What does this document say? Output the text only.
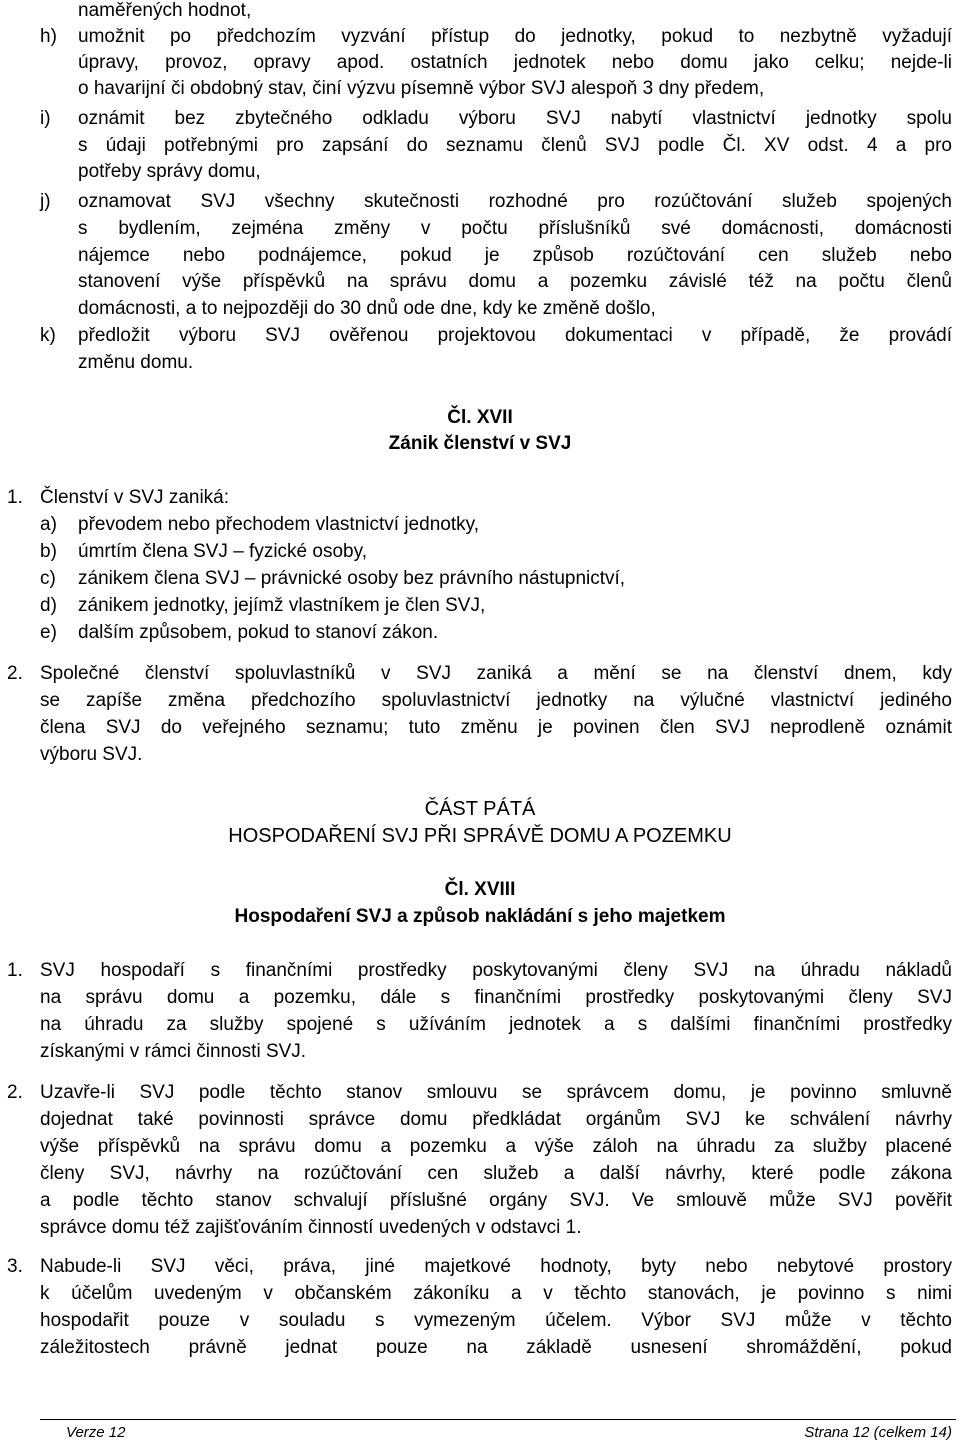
naměřených hodnot,
h) umožnit po předchozím vyzvání přístup do jednotky, pokud to nezbytně vyžadují
úpravy, provoz, opravy apod. ostatních jednotek nebo domu jako celku; nejde-li
o havarijní či obdobný stav, činí výzvu písemně výbor SVJ alespoň 3 dny předem,
i) oznámit bez zbytečného odkladu výboru SVJ nabytí vlastnictví jednotky spolu
s údaji potřebnými pro zapsání do seznamu členů SVJ podle Čl. XV odst. 4 a pro
potřeby správy domu,
j) oznamovat SVJ všechny skutečnosti rozhodné pro rozúčtování služeb spojených
s bydlením, zejména změny v počtu příslušníků své domácnosti, domácnosti
nájemce nebo podnájemce, pokud je způsob rozúčtování cen služeb nebo
stanovení výše příspěvků na správu domu a pozemku závislé též na počtu členů
domácnosti, a to nejpozději do 30 dnů ode dne, kdy ke změně došlo,
k) předložit výboru SVJ ověřenou projektovou dokumentaci v případě, že provádí
změnu domu.
Čl. XVII
Zánik členství v SVJ
1. Členství v SVJ zaniká:
a) převodem nebo přechodem vlastnictví jednotky,
b) úmrtím člena SVJ – fyzické osoby,
c) zánikem člena SVJ – právnické osoby bez právního nástupnictví,
d) zánikem jednotky, jejímž vlastníkem je člen SVJ,
e) dalším způsobem, pokud to stanoví zákon.
2. Společné členství spoluvlastníků v SVJ zaniká a mění se na členství dnem, kdy
se zapíše změna předchozího spoluvlastnictví jednotky na výlučné vlastnictví jediného
člena SVJ do veřejného seznamu; tuto změnu je povinen člen SVJ neprodleně oznámit
výboru SVJ.
ČÁST PÁTÁ
HOSPODAŘENÍ SVJ PŘI SPRÁVĚ DOMU A POZEMKU
Čl. XVIII
Hospodaření SVJ a způsob nakládání s jeho majetkem
1. SVJ hospodaří s finančními prostředky poskytovanými členy SVJ na úhradu nákladů
na správu domu a pozemku, dále s finančními prostředky poskytovanými členy SVJ
na úhradu za služby spojené s užíváním jednotek a s dalšími finančními prostředky
získanými v rámci činnosti SVJ.
2. Uzavře-li SVJ podle těchto stanov smlouvu se správcem domu, je povinno smluvně
dojednat také povinnosti správce domu předkládat orgánům SVJ ke schválení návrhy
výše příspěvků na správu domu a pozemku a výše záloh na úhradu za služby placené
členy SVJ, návrhy na rozúčtování cen služeb a další návrhy, které podle zákona
a podle těchto stanov schvalují příslušné orgány SVJ. Ve smlouvě může SVJ pověřit
správce domu též zajišťováním činností uvedených v odstavci 1.
3. Nabude-li SVJ věci, práva, jiné majetkové hodnoty, byty nebo nebytové prostory
k účelům uvedeným v občanském zákoníku a v těchto stanovách, je povinno s nimi
hospodařit pouze v souladu s vymezeným účelem. Výbor SVJ může v těchto
záležitostech právně jednat pouze na základě usnesení shromáždění, pokud
Verze 12	Strana 12 (celkem 14)
